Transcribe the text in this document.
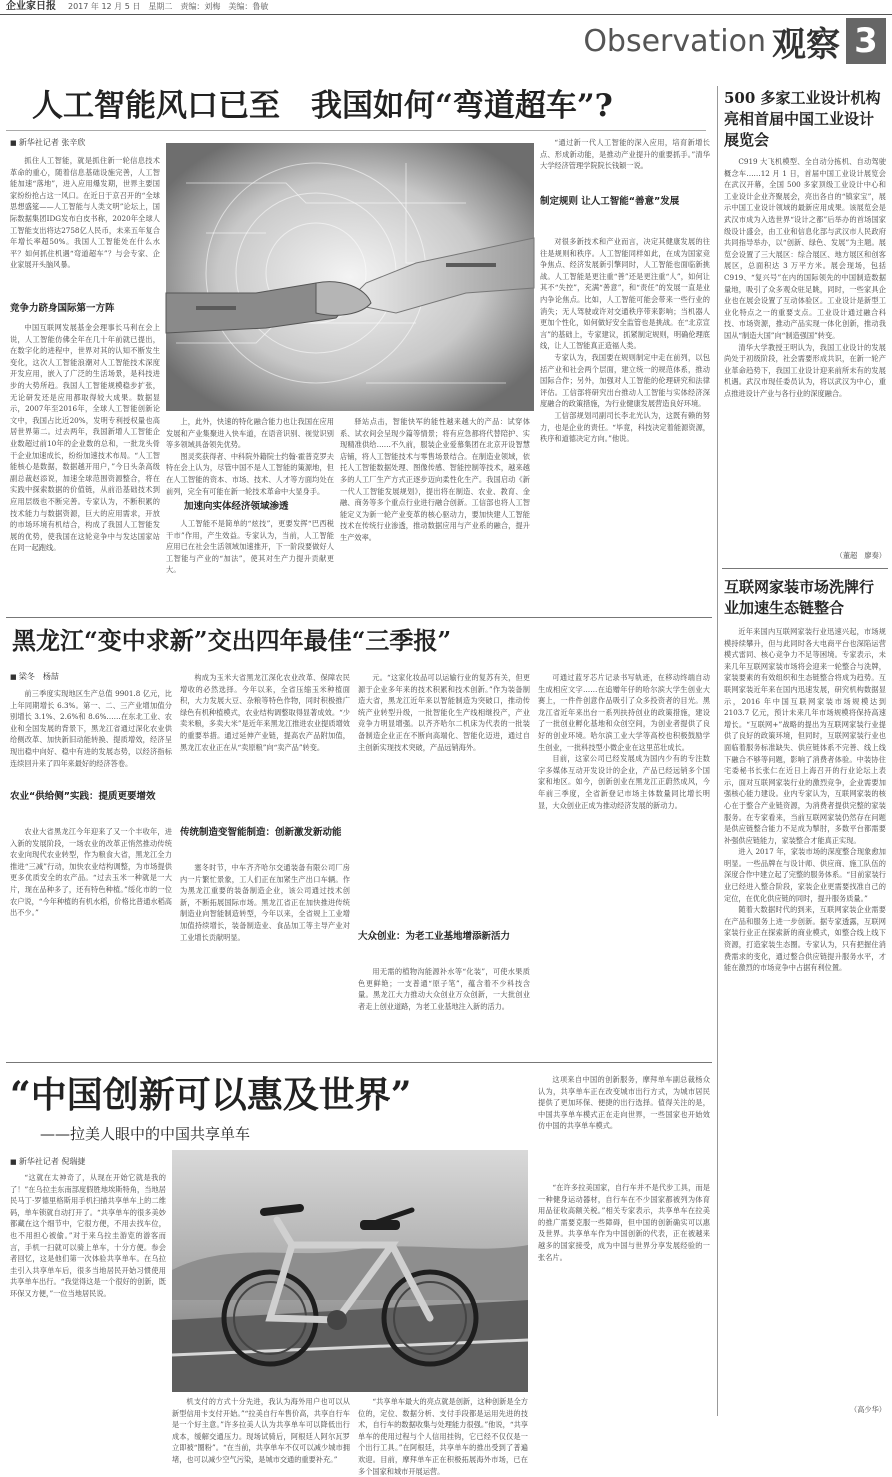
企业家日报 2017 年 12 月 5 日　星期二　责编：刘梅　美编：鲁敏
Observation 观察 3
人工智能风口已至　我国如何“弯道超车”?
■ 新华社记者 张辛欣

抓住人工智能，就是抓住新一轮信息技术革命的重心，随着信息基础设施完善，人工智能加速“落地”，进入应用爆发期，世界主要国家纷纷抢占这一风口。在近日于京召开的“全球思想盛筵——人工智能与人类文明”论坛上，国际数据集团IDG发布白皮书称，2020年全球人工智能支出将达2758亿人民币，未来五年复合年增长率超50%。我国人工智能处在什么水平？如何抓住机遇“弯道超车”？与会专家、企业家展开头脑风暴。

竞争力跻身国际第一方阵

中国互联网发展基金会理事长马利在会上说，人工智能仿佛全年在几十年前就已提出，在数字化的进程中，世界对其的认知不断发生变化，这次人工智能浪潮对人工智能技术深度开发应用，嵌入了广泛的生活场景，是科技进步的大势所趋。我国人工智能规模稳步扩张，无论研发还是应用都取得较大成果。数据显示，2007年至2016年，全球人工智能创新论文中，我国占比近20%，发明专利授权量也高居世界第二。过去两年，我国新增人工智能企业数超过前10年的企业数的总和，一批龙头骨干企业加速成长，纷纷加速技术布局。“人工智能核心是数据，数据越开用户，”今日头条高级副总裁赵添说，加速全球范围资源整合，将在实践中探索数据的价值链，从前沿基础技术到应用层级也不断完善。专家认为，不断积累的技术能力与数据资源，巨大的应用需求，开放的市场环境有机结合，构成了我国人工智能发展的优势，使我国在这轮竞争中与发达国家站在同一起跑线。

上，此外，快速的特化融合能力也让我国在应用发展和产业集聚进入快车道，在语音识别、视觉识别等多领域具备领先优势。

图灵奖获得者、中科院外籍院士约翰·霍普克罗夫特在会上认为，尽管中国不是人工智能的策源地，但在人工智能的资本、市场、技术、人才等方面均处在前列，完全有可能在新一轮技术革命中大显身手。

加速向实体经济领域渗透

人工智能不是简单的“炫技”，更要发挥“巴西税干市”作用，产生效益。专家认为，当前，人工智能应用已在社会生活领域加速推开，下一阶段要做好人工智能与产业的“加法”，使其对生产力提升贡献更大。

驿站点击，智能快军的能性越来越大的产品：试穿体系、试衣间会呈现少篇等情景；将有应急都将代替陪护、实现精准供给……不久前，服装企业爱慕集团在北京开设智慧店铺，将人工智能技术与零售场景结合。在制造业领域，依托人工智能数据处理、图像传感、智能控制等技术，越来越多的人工厂生产方式正逐步迈向柔性化生产。我国启动《新一代人工智能发展规划》，提出将在制造、农业、教育、金融、商务等多个重点行业进行融合创新。工信部也将人工智能定义为新一轮产业变革的核心驱动力，要加快建人工智能技术在传统行业渗透，推动数据应用与产业系的融合，提升生产效率。

“通过新一代人工智能的深入应用，培育新增长点、形成新动能，是推动产业提升的重要抓手。”清华大学经济管理学院院长钱颖一说。

制定规则 让人工智能“善意”发展

对很多新技术和产业而言，决定其健康发展的往往是规则和秩序。人工智能同样如此，在成为国家竞争焦点、经济发展新引擎同时，人工智能也面临新挑战。人工智能是更注重“善”还是更注重“人”，如何让其不“失控”，充满“善意”，和“责任”的发展一直是业内争论焦点。比如，人工智能可能会带来一些行业的消失；无人驾驶或许对交通秩序带来影响；当机器人更加个性化，如何做好安全监管也是挑战。在“北京宣言”的基础上，专家建议，抓紧制定规则，明确伦理底线，让人工智能真正造福人类。

专家认为，我国要在规则制定中走在前列，以包括产业和社会两个层面，建立统一的规范体系，推动国际合作；另外，加强对人工智能的伦理研究和法律评估。工信部将研究出台推动人工智能与实体经济深度融合的政策措施，为行业健康发展营造良好环境。

工信部规划司副司长李北光认为，这既有赖的努力，也是企业的责任。“毕竟，科技决定着能源资源，秩序和道德决定方向。”他说。

500 多家工业设计机构亮相首届中国工业设计展览会

C919 大飞机模型、全自动分拣机、自动驾驶概念车……12 月 1 日，首届中国工业设计展览会在武汉开幕，全国 500 多家顶级工业设计中心和工业设计企业齐聚展会，亮出各自的“镇家宝”，展示中国工业设计领域的最新应用成果。该展览会是武汉市成为入选世界“设计之都”后举办的首场国家级设计盛会，由工业和信息化部与武汉市人民政府共同指导举办，以“创新、绿色、发展”为主题。展览会设置了三大展区：综合展区、地方展区和创客展区，总面积达 3 万平方米。展会现场，包括 C919、“复兴号”在内的国际领先的中国制造数据量地，吸引了众多观众驻足眺，同时，一些家具企业也在展会设置了互动体验区。工业设计是新型工业化特点之一的重要支点。工业设计通过融合科技、市场资源，推动产品实现一体化创新，推动我国从“制造大国”向“制造强国”转变。

清华大学教授王明认为，我国工业设计的发展尚处于初级阶段，社会需要形成共识，在新一轮产业革命趋势下，我国工业设计迎来前所未有的发展机遇。武汉市现任委员认为，将以武汉为中心，重点推进设计产业与各行业的深度融合。

（董超　廖奏）
互联网家装市场洗牌行业加速生态链整合

近年来国内互联网家装行业迅速兴起，市场规模持续攀升，但与此同时各大电商平台也深陷运营模式雷同、核心竞争力不足等困境。专家表示，未来几年互联网家装市场将会迎来一轮整合与洗牌，家装要素的有效组织和生态链整合将成为趋势。互联网家装近年来在国内迅速发展，研究机构数据显示，2016 年中国互联网家装市场规模达到 2103.7 亿元，预计未来几年市场规模将保持高速增长。“互联网+”战略的提出为互联网家装行业提供了良好的政策环境，但同时，互联网家装行业也面临着服务标准缺失、供应链体系不完善、线上线下融合不够等问题，影响了消费者体验。中装协住宅委秘书长张仁在近日上海召开的行业论坛上表示，面对互联网家装行业的激烈竞争，企业需要加强核心能力建设。业内专家认为，互联网家装的核心在于整合产业链资源，为消费者提供完整的家装服务。在专家看来，当前互联网家装仍然存在问题是供应链整合能力不足成为掣肘，多数平台都需要补强供应链能力，家装整合才能真正实现。

进入 2017 年，家装市场的深度整合现象愈加明显。一些品牌在与设计师、供应商、施工队伍的深度合作中建立起了完整的服务体系。“目前家装行业已经进入整合阶段，家装企业更需要找准自己的定位，在优化供应链的同时，提升服务质量。”

随着大数据时代的到来，互联网家装企业需要在产品和服务上进一步创新。据专家透露，互联网家装行业正在探索新的商业模式，如整合线上线下资源，打造家装生态圈。专家认为，只有把握住消费需求的变化，通过整合供应链提升服务水平，才能在激烈的市场竞争中占据有利位置。

（高少华）
黑龙江“变中求新”交出四年最佳“三季报”
■ 梁冬　杨喆

前三季度实现地区生产总值 9901.8 亿元，比上年同期增长 6.3%。第一、二、三产业增加值分别增长 3.1%、2.6%和 8.6%……在东北工业、农业和全国发展的背景下，黑龙江省通过深化农业供给侧改革、加快新旧动能转换、提质增效，经济呈现出稳中向好、稳中有进的发展态势，以经济指标连续回升来了四年来最好的经济答卷。

农业“供给侧”实践：提质更要增效

农业大省黑龙江今年迎来了又一个丰收年，进入新的发展阶段，一场农业的改革正悄然推动传统农业向现代农业转型，作为粮食大省，黑龙江全力推进“三减”行动，加快农业结构调整，为市场提供更多优质安全的农产品。“过去玉米一种就是一大片，现在品种多了，还有特色种植。”绥化市的一位农户说，“今年种植的有机水稻，价格比普通水稻高出不少。”

构成为玉米大省黑龙江深化农业改革、保障农民增收的必然选择。今年以来，全省压缩玉米种植面积，大力发展大豆、杂粮等特色作物，同时积极推广绿色有机种植模式，农业结构调整取得显著成效。“少卖米粮，多卖大米”是近年来黑龙江推进农业提质增效的重要举措。通过延伸产业链，提高农产品附加值，黑龙江农业正在从“卖原粮”向“卖产品”转变。

传统制造变智能制造：创新激发新动能

塞冬时节，中车齐齐哈尔交通装备有限公司厂房内一片繁忙景象，工人们正在加紧生产出口车辆。作为黑龙江重要的装备制造企业，该公司通过技术创新，不断拓展国际市场。黑龙江省正在加快推进传统制造业向智能制造转型，今年以来，全省规上工业增加值持续增长，装备制造业、食品加工等主导产业对工业增长贡献明显。

元。“这家化妆品可以运输行业的复苏有关，但更源于企业多年来的技术积累和技术创新。”作为装备制造大省，黑龙江近年来以智能制造为突破口，推动传统产业转型升级，一批智能化生产线相继投产，产业竞争力明显增强。以齐齐哈尔二机床为代表的一批装备制造企业正在不断向高端化、智能化迈进，通过自主创新实现技术突破，产品远销海外。

大众创业：为老工业基地增添新活力

用无需的植物沟能源补水等“化装”，可使水果质色更鲜艳；一支普通“原子笔”，蕴含着不少科技含量。黑龙江大力推动大众创业万众创新，一大批创业者走上创业道路，为老工业基地注入新的活力。

可通过蓝牙芯片记录书写轨迹，在移动终端自动生成相应文字……在追赠年仔的哈尔滨大学生创业大赛上，一件件创意作品吸引了众多投资者的目光。黑龙江省近年来出台一系列扶持创业的政策措施，建设了一批创业孵化基地和众创空间，为创业者提供了良好的创业环境。哈尔滨工业大学等高校也积极鼓励学生创业，一批科技型小微企业在这里茁壮成长。

目前，这家公司已经发展成为国内少有的专注数字多媒体互动开发设计的企业，产品已经远销多个国家和地区。如今，创新创业在黑龙江正蔚然成风，今年前三季度，全省新登记市场主体数量同比增长明显，大众创业正成为推动经济发展的新动力。

“中国创新可以惠及世界”
——拉美人眼中的中国共享单车
■ 新华社记者 倪瑞捷

“这就在太神奇了，从现在开始它就是我的了！”在乌拉圭东南部度假胜地埃斯特角，当地居民马丁·罗德里格斯用手机扫描共享单车上的二维码，单车锁就自动打开了。“共享单车的很多美妙都藏在这个细节中，它很方便，不用去找车位，也不用担心被偷。”对于来乌拉圭游览的游客而言，手机一扫就可以骑上单车，十分方便。参会者回忆，这是他们第一次体验共享单车。在乌拉圭引入共享单车后，很多当地居民开始习惯使用共享单车出行。“我觉得这是一个很好的创新，既环保又方便，”一位当地居民说。

机支付的方式十分先进，我认为海外用户也可以从新型信用卡支付开始。”“拉美自行车售价高，共享自行车是一个好主意。”许多拉美人认为共享单车可以降低出行成本，缓解交通压力。现场试骑后，阿根廷人阿尔瓦罗立即被“圈粉”。“在当前，共享单车不仅可以减少城市拥堵，也可以减少空气污染，是城市交通的重要补充。”

“共享单车最大的亮点就是创新，这种创新是全方位的，定位、数据分析、支付手段都是运用先进的技术，自行车的数据收集与处理能力很强。”他说，“共享单车的使用过程与个人信用挂钩，它已经不仅仅是一个出行工具。”在阿根廷，共享单车的推出受到了普遍欢迎。目前，摩拜单车正在积极拓展海外市场，已在多个国家和城市开展运营。

这项来自中国的创新服务，摩拜单车副总裁杨众认为，共享单车正在改变城市出行方式，为城市居民提供了更加环保、便捷的出行选择。值得关注的是，中国共享单车模式正在走向世界，一些国家也开始效仿中国的共享单车模式。

“在许多拉美国家，自行车并不是代步工具，而是一种健身运动器材，自行车在不少国家都被列为体育用品征收高额关税。”相关专家表示，共享单车在拉美的推广需要克服一些障碍，但中国的创新确实可以惠及世界。共享单车作为中国创新的代表，正在被越来越多的国家接受，成为中国与世界分享发展经验的一张名片。
